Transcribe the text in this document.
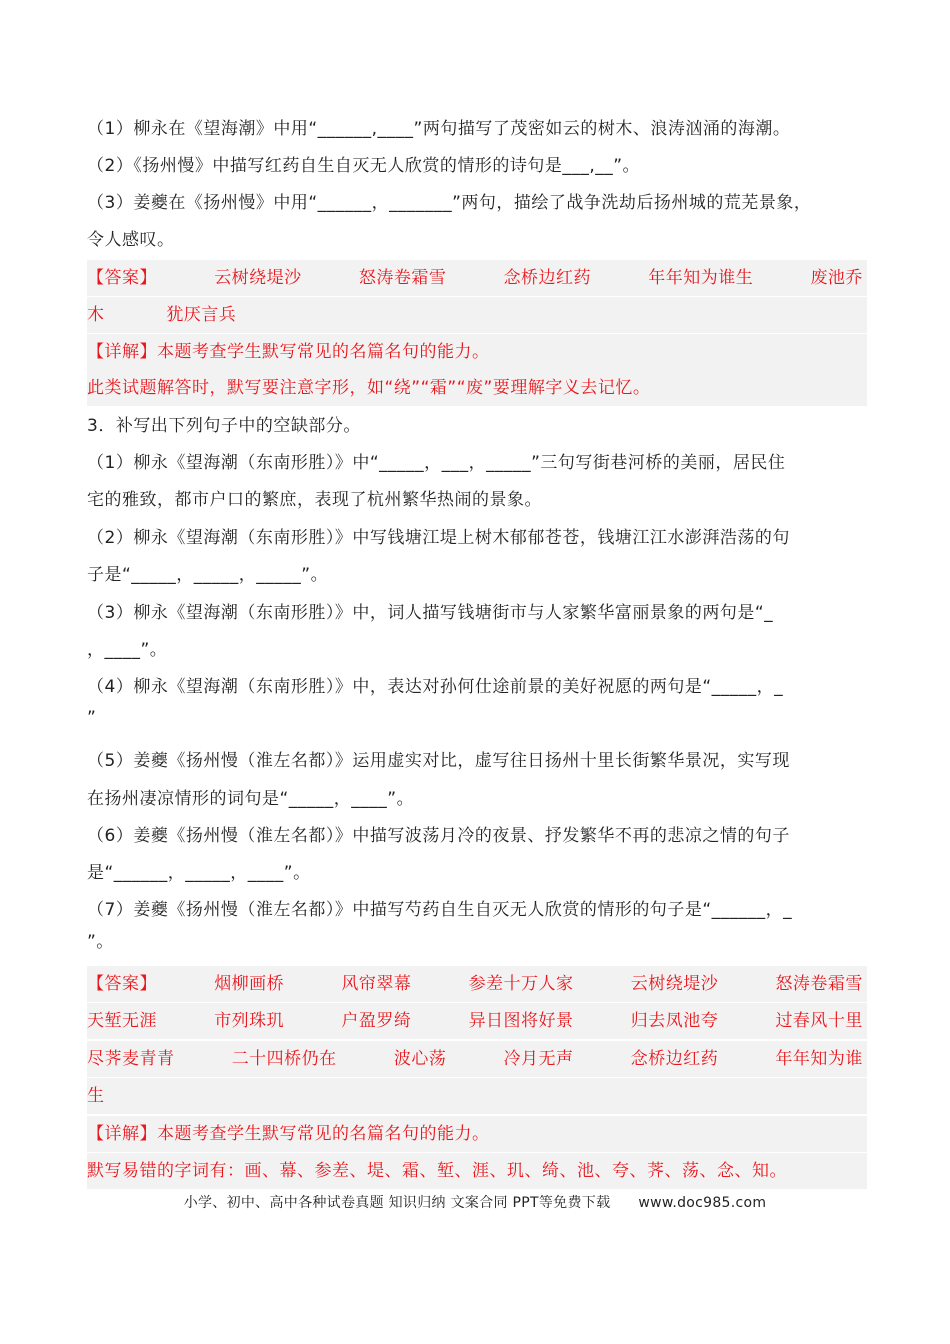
（1）柳永在《望海潮》中用“______,____”两句描写了茂密如云的树木、浪涛汹涌的海潮。
（2）《扬州慢》中描写红药自生自灭无人欣赏的情形的诗句是___,__”。
（3）姜夔在《扬州慢》中用“______，_______”两句，描绘了战争洗劫后扬州城的荒芜景象，
令人感叹。
【答案】	云树绕堤沙	怒涛卷霜雪	念桥边红药	年年知为谁生	废池乔
木	犹厌言兵
【详解】本题考查学生默写常见的名篇名句的能力。
此类试题解答时，默写要注意字形，如“绕”“霜”“废”要理解字义去记忆。
3．补写出下列句子中的空缺部分。
（1）柳永《望海潮（东南形胜）》中“_____，___，_____”三句写街巷河桥的美丽，居民住
宅的雅致，都市户口的繁庶，表现了杭州繁华热闹的景象。
（2）柳永《望海潮（东南形胜）》中写钱塘江堤上树木郁郁苍苍，钱塘江江水澎湃浩荡的句
子是“_____，_____，_____”。
（3）柳永《望海潮（东南形胜）》中，词人描写钱塘街市与人家繁华富丽景象的两句是“_
，____”。
（4）柳永《望海潮（东南形胜）》中，表达对孙何仕途前景的美好祝愿的两句是“_____，_
”
（5）姜夔《扬州慢（淮左名都）》运用虚实对比，虚写往日扬州十里长街繁华景况，实写现
在扬州凄凉情形的词句是“_____，____”。
（6）姜夔《扬州慢（淮左名都）》中描写波荡月冷的夜景、抒发繁华不再的悲凉之情的句子
是“______，_____，____”。
（7）姜夔《扬州慢（淮左名都）》中描写芍药自生自灭无人欣赏的情形的句子是“______，_
”。
【答案】	烟柳画桥	风帘翠幕	参差十万人家	云树绕堤沙	怒涛卷霜雪
天堑无涯	市列珠玑	户盈罗绮	异日图将好景	归去凤池夸	过春风十里
尽荠麦青青	二十四桥仍在	波心荡	冷月无声	念桥边红药	年年知为谁
生
【详解】本题考查学生默写常见的名篇名句的能力。
默写易错的字词有：画、幕、参差、堤、霜、堑、涯、玑、绮、池、夸、荠、荡、念、知。
小学、初中、高中各种试卷真题 知识归纳 文案合同 PPT等免费下载 www.doc985.com
